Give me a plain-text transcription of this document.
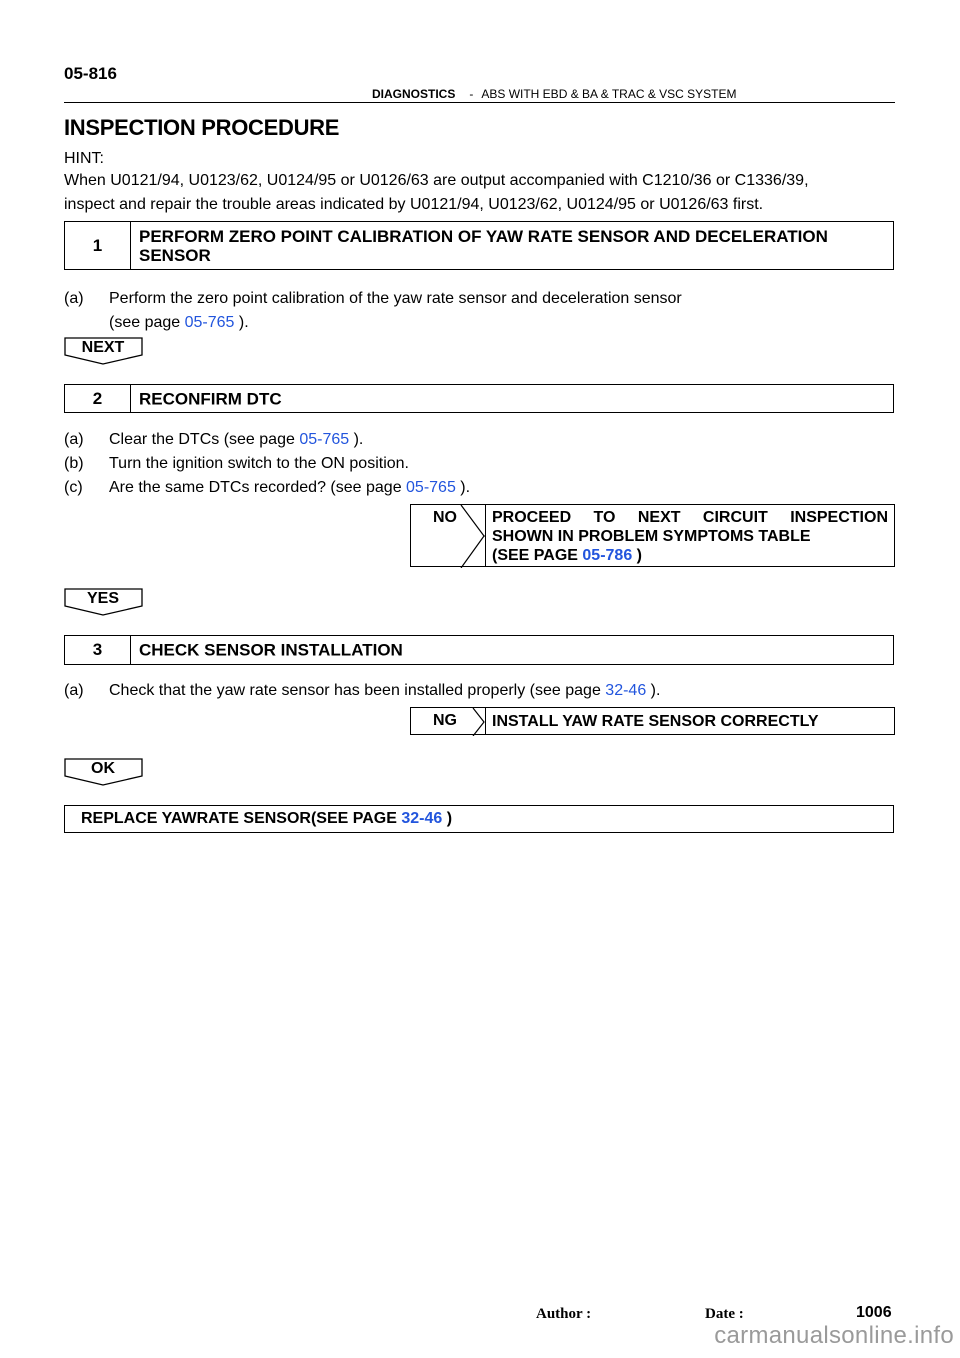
05-816
DIAGNOSTICS - ABS WITH EBD & BA & TRAC & VSC SYSTEM
INSPECTION PROCEDURE
HINT:
When U0121/94, U0123/62, U0124/95 or U0126/63 are output accompanied with C1210/36 or C1336/39,
inspect and repair the trouble areas indicated by U0121/94, U0123/62, U0124/95 or U0126/63 first.
1	PERFORM ZERO POINT CALIBRATION OF YAW RATE SENSOR AND DECELERATION SENSOR
(a) Perform the zero point calibration of the yaw rate sensor and deceleration sensor
(see page 05-765 ).
NEXT
2	RECONFIRM DTC
(a) Clear the DTCs (see page 05-765 ).
(b) Turn the ignition switch to the ON position.
(c) Are the same DTCs recorded? (see page 05-765 ).
NO PROCEED TO NEXT CIRCUIT INSPECTION
SHOWN IN PROBLEM SYMPTOMS TABLE
(SEE PAGE 05-786 )
YES
3	CHECK SENSOR INSTALLATION
(a) Check that the yaw rate sensor has been installed properly (see page 32-46 ).
NG INSTALL YAW RATE SENSOR CORRECTLY
OK
REPLACE YAWRATE SENSOR(SEE PAGE 32-46 )
Author :	Date :	1006
carmanualsonline.info
